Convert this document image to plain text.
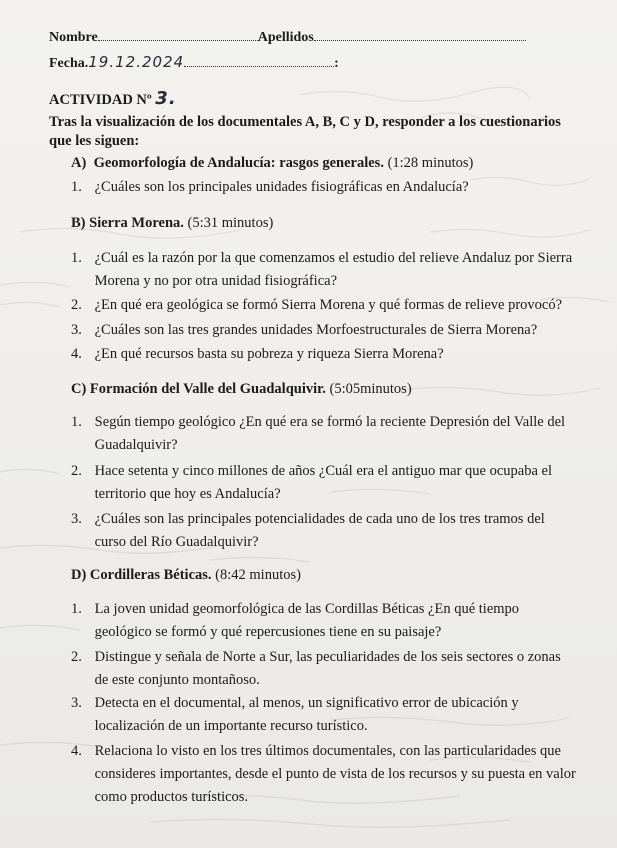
Nombre	Apellidos
Fecha.19.12.2024	:
ACTIVIDAD Nº 3.
Tras la visualización de los documentales A, B, C y D, responder a los cuestionarios
que les siguen:
A) Geomorfología de Andalucía: rasgos generales. (1:28 minutos)
1. ¿Cuáles son los principales unidades fisiográficas en Andalucía?
B) Sierra Morena. (5:31 minutos)
1. ¿Cuál es la razón por la que comenzamos el estudio del relieve Andaluz por Sierra
Morena y no por otra unidad fisiográfica?
2. ¿En qué era geológica se formó Sierra Morena y qué formas de relieve provocó?
3. ¿Cuáles son las tres grandes unidades Morfoestructurales de Sierra Morena?
4. ¿En qué recursos basta su pobreza y riqueza Sierra Morena?
C) Formación del Valle del Guadalquivir. (5:05minutos)
1. Según tiempo geológico ¿En qué era se formó la reciente Depresión del Valle del
Guadalquivir?
2. Hace setenta y cinco millones de años ¿Cuál era el antiguo mar que ocupaba el
territorio que hoy es Andalucía?
3. ¿Cuáles son las principales potencialidades de cada uno de los tres tramos del
curso del Río Guadalquivir?
D) Cordilleras Béticas. (8:42 minutos)
1. La joven unidad geomorfológica de las Cordillas Béticas ¿En qué tiempo
geológico se formó y qué repercusiones tiene en su paisaje?
2. Distingue y señala de Norte a Sur, las peculiaridades de los seis sectores o zonas
de este conjunto montañoso.
3. Detecta en el documental, al menos, un significativo error de ubicación y
localización de un importante recurso turístico.
4. Relaciona lo visto en los tres últimos documentales, con las particularidades que
consideres importantes, desde el punto de vista de los recursos y su puesta en valor
como productos turísticos.
